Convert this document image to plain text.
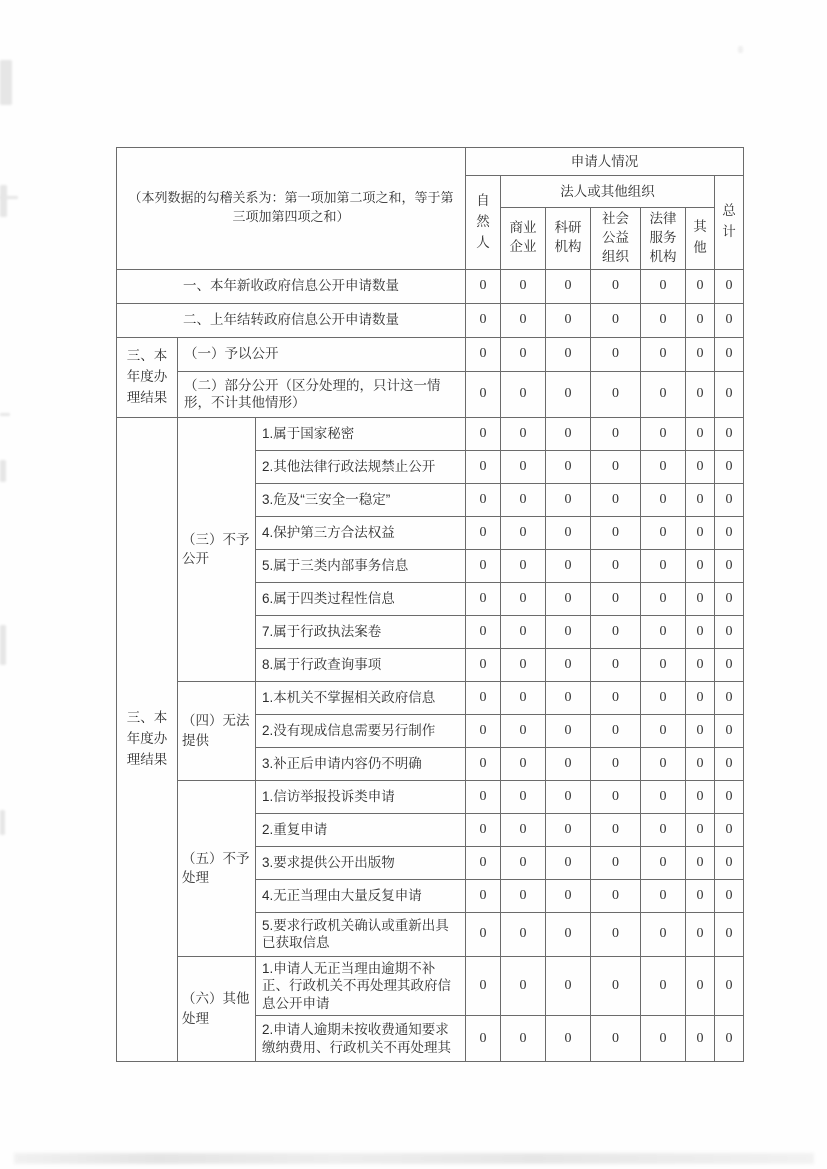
（本列数据的勾稽关系为：第一项加第二项之和，等于第三项加第四项之和）			申请人情况						
			自然人	法人或其他组织					总计
				商业企业	科研机构	社会公益组织	法律服务机构	其他	
一、本年新收政府信息公开申请数量			0	0	0	0	0	0	0
二、上年结转政府信息公开申请数量			0	0	0	0	0	0	0
三、本年度办理结果	（一）予以公开		0	0	0	0	0	0	0
	（二）部分公开（区分处理的，只计这一情形，不计其他情形）		0	0	0	0	0	0	0
三、本年度办理结果	（三）不予公开	1.属于国家秘密	0	0	0	0	0	0	0
		2.其他法律行政法规禁止公开	0	0	0	0	0	0	0
		3.危及“三安全一稳定”	0	0	0	0	0	0	0
		4.保护第三方合法权益	0	0	0	0	0	0	0
		5.属于三类内部事务信息	0	0	0	0	0	0	0
		6.属于四类过程性信息	0	0	0	0	0	0	0
		7.属于行政执法案卷	0	0	0	0	0	0	0
		8.属于行政查询事项	0	0	0	0	0	0	0
	（四）无法提供	1.本机关不掌握相关政府信息	0	0	0	0	0	0	0
		2.没有现成信息需要另行制作	0	0	0	0	0	0	0
		3.补正后申请内容仍不明确	0	0	0	0	0	0	0
	（五）不予处理	1.信访举报投诉类申请	0	0	0	0	0	0	0
		2.重复申请	0	0	0	0	0	0	0
		3.要求提供公开出版物	0	0	0	0	0	0	0
		4.无正当理由大量反复申请	0	0	0	0	0	0	0
		5.要求行政机关确认或重新出具已获取信息	0	0	0	0	0	0	0
	（六）其他处理	1.申请人无正当理由逾期不补正、行政机关不再处理其政府信息公开申请	0	0	0	0	0	0	0
		2.申请人逾期未按收费通知要求缴纳费用、行政机关不再处理其	0	0	0	0	0	0	0
